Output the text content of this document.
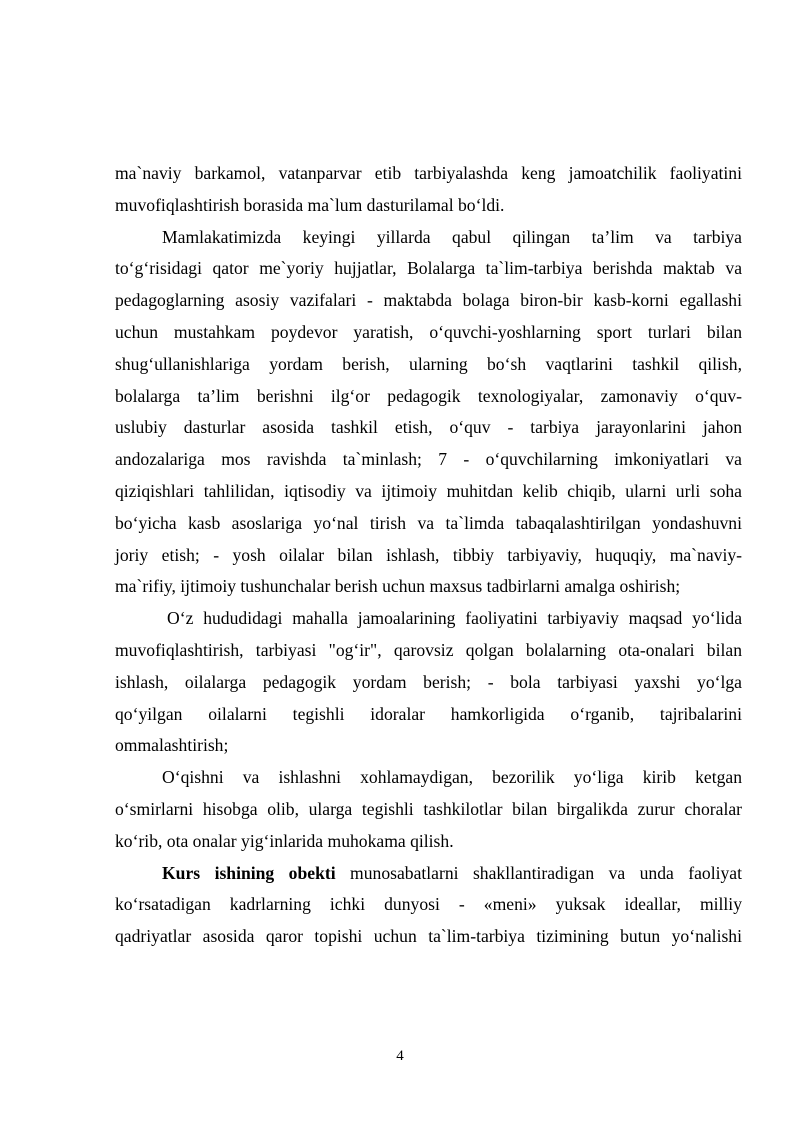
ma`naviy barkamol, vatanparvar etib tarbiyalashda keng jamoatchilik faoliyatini
muvofiqlashtirish borasida ma`lum dasturilamal bo‘ldi.
Mamlakatimizda keyingi yillarda qabul qilingan ta’lim va tarbiya
to‘g‘risidagi qator me`yoriy hujjatlar, Bolalarga ta`lim-tarbiya berishda maktab va
pedagoglarning asosiy vazifalari - maktabda bolaga biron-bir kasb-korni egallashi
uchun mustahkam poydevor yaratish, o‘quvchi-yoshlarning sport turlari bilan
shug‘ullanishlariga yordam berish, ularning bo‘sh vaqtlarini tashkil qilish,
bolalarga ta’lim berishni ilg‘or pedagogik texnologiyalar, zamonaviy o‘quv-
uslubiy dasturlar asosida tashkil etish, o‘quv - tarbiya jarayonlarini jahon
andozalariga mos ravishda ta`minlash; 7 - o‘quvchilarning imkoniyatlari va
qiziqishlari tahlilidan, iqtisodiy va ijtimoiy muhitdan kelib chiqib, ularni urli soha
bo‘yicha kasb asoslariga yo‘nal tirish va ta`limda tabaqalashtirilgan yondashuvni
joriy etish; - yosh oilalar bilan ishlash, tibbiy tarbiyaviy, huquqiy, ma`naviy-
ma`rifiy, ijtimoiy tushunchalar berish uchun maxsus tadbirlarni amalga oshirish;
O‘z hududidagi mahalla jamoalarining faoliyatini tarbiyaviy maqsad yo‘lida
muvofiqlashtirish, tarbiyasi "og‘ir", qarovsiz qolgan bolalarning ota-onalari bilan
ishlash, oilalarga pedagogik yordam berish; - bola tarbiyasi yaxshi yo‘lga
qo‘yilgan oilalarni tegishli idoralar hamkorligida o‘rganib, tajribalarini
ommalashtirish;
O‘qishni va ishlashni xohlamaydigan, bezorilik yo‘liga kirib ketgan
o‘smirlarni hisobga olib, ularga tegishli tashkilotlar bilan birgalikda zurur choralar
ko‘rib, ota onalar yig‘inlarida muhokama qilish.
Kurs ishining obekti munosabatlarni shakllantiradigan va unda faoliyat
ko‘rsatadigan kadrlarning ichki dunyosi - «meni» yuksak ideallar, milliy
qadriyatlar asosida qaror topishi uchun ta`lim-tarbiya tizimining butun yo‘nalishi
4
